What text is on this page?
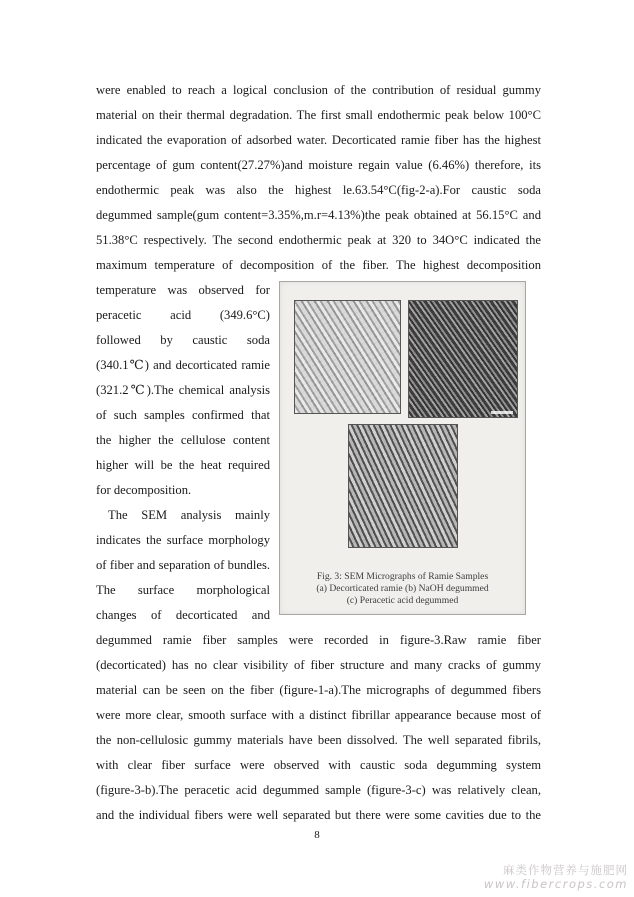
were enabled to reach a logical conclusion of the contribution of residual gummy
material on their thermal degradation. The first small endothermic peak below 100°C
indicated the evaporation of adsorbed water. Decorticated ramie fiber has the highest
percentage of gum content(27.27%)and moisture regain value (6.46%) therefore, its
endothermic peak was also the highest le.63.54°C(fig-2-a).For caustic soda
degummed sample(gum content=3.35%,m.r=4.13%)the peak obtained at 56.15°C and
51.38°C respectively. The second endothermic peak at 320 to 34O°C indicated the
maximum temperature of decomposition of the fiber. The highest decomposition
temperature was observed for
peracetic acid (349.6°C)
followed by caustic soda
(340.1℃) and decorticated ramie
(321.2℃).The chemical analysis
of such samples confirmed that
the higher the cellulose content
higher will be the heat required
for decomposition.
The SEM analysis mainly
indicates the surface morphology
of fiber and separation of bundles.
The surface morphological
changes of decorticated and
Fig. 3: SEM Micrographs of Ramie Samples
(a) Decorticated ramie (b) NaOH degummed
(c) Peracetic acid degummed
degummed ramie fiber samples were recorded in figure-3.Raw ramie fiber
(decorticated) has no clear visibility of fiber structure and many cracks of gummy
material can be seen on the fiber (figure-1-a).The micrographs of degummed fibers
were more clear, smooth surface with a distinct fibrillar appearance because most of
the non-cellulosic gummy materials have been dissolved. The well separated fibrils,
with clear fiber surface were observed with caustic soda degumming system
(figure-3-b).The peracetic acid degummed sample (figure-3-c) was relatively clean,
and the individual fibers were well separated but there were some cavities due to the
8
麻类作物营养与施肥网
www.fibercrops.com
